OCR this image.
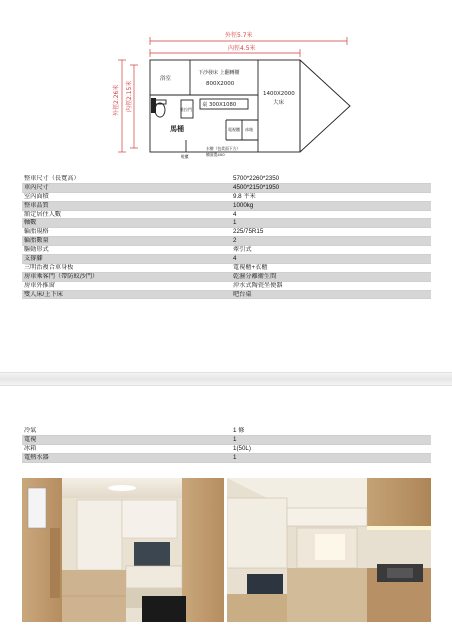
外徑5.7米
內徑4.5米
外徑2.26米 內徑2.15米
浴室
下沙發床 上翻轉櫃
800X2000
1400X2000
大床
馬桶
推拉門
桌 300X1080
電視櫃 冰箱
水槽（包柔面下方）
櫥面寬400
鞋櫃
整車尺寸（長寬高）	5700*2260*2350
車內尺寸	4500*2150*1950
室內面積	9.8 平米
整車品質	1000kg
額定居住人數	4
軸數	1
輪胎規格	225/75R15
輪胎數量	2
驅動形式	牽引式
支撐腳	4
三明治複合車身板	電視櫃+衣櫃
房車乘客門（帶防蚊沙門）	乾濕分離衛生間
房車外推窗	沖水式陶瓷坐便器
雙人床/上下床	吧台桌
冷氣	1 條
電視	1
冰箱	1(50L)
電熱水器	1
